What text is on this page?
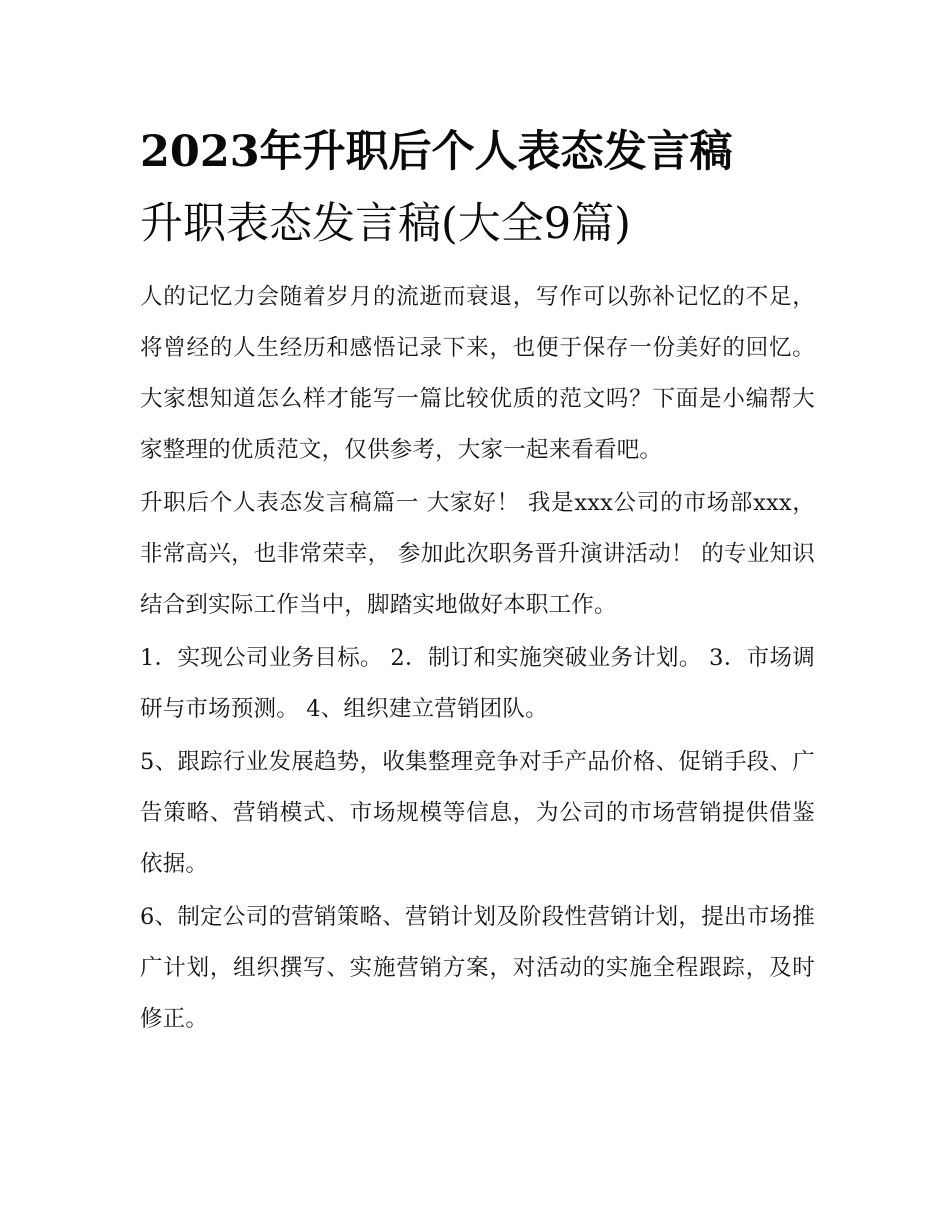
2023年升职后个人表态发言稿
升职表态发言稿(大全9篇)

人的记忆力会随着岁月的流逝而衰退，写作可以弥补记忆的不足，将曾经的人生经历和感悟记录下来，也便于保存一份美好的回忆。大家想知道怎么样才能写一篇比较优质的范文吗？下面是小编帮大家整理的优质范文，仅供参考，大家一起来看看吧。

升职后个人表态发言稿篇一 大家好！ 我是xxx公司的市场部xxx，非常高兴，也非常荣幸， 参加此次职务晋升演讲活动！ 的专业知识结合到实际工作当中，脚踏实地做好本职工作。

1．实现公司业务目标。 2．制订和实施突破业务计划。 3．市场调研与市场预测。 4、组织建立营销团队。

5、跟踪行业发展趋势，收集整理竞争对手产品价格、促销手段、广告策略、营销模式、市场规模等信息，为公司的市场营销提供借鉴依据。

6、制定公司的营销策略、营销计划及阶段性营销计划，提出市场推广计划，组织撰写、实施营销方案，对活动的实施全程跟踪，及时修正。
